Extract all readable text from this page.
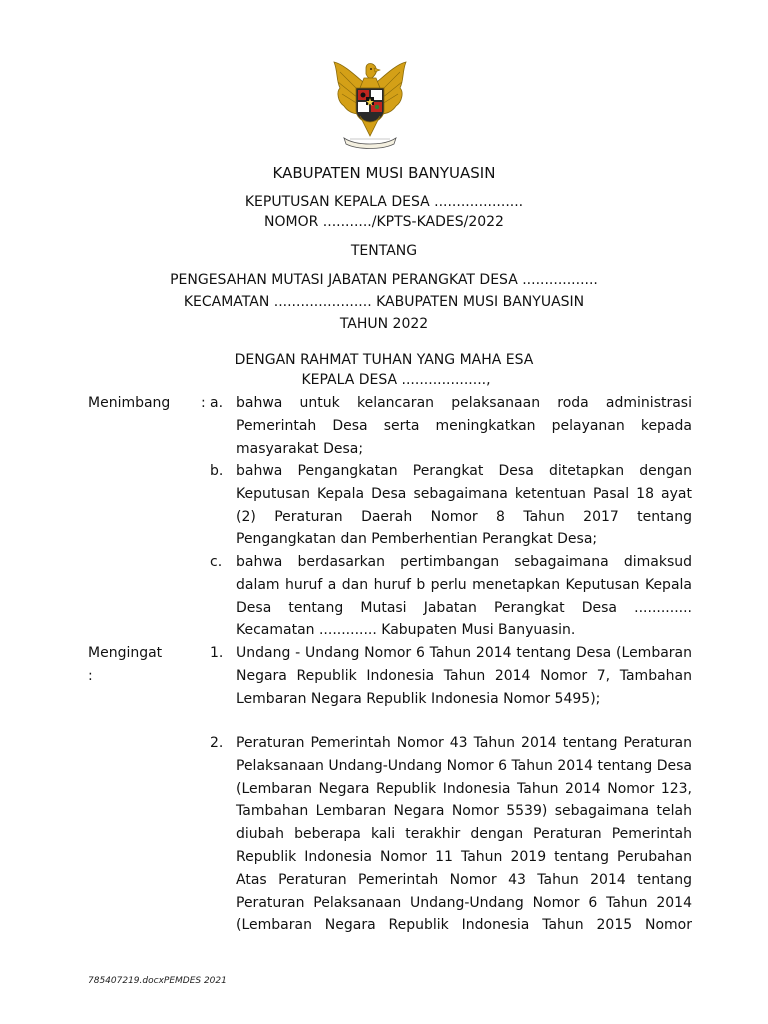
KABUPATEN MUSI BANYUASIN
KEPUTUSAN KEPALA DESA ....................
NOMOR .........../KPTS-KADES/2022
TENTANG
PENGESAHAN MUTASI JABATAN PERANGKAT DESA .................
KECAMATAN ...................... KABUPATEN MUSI BANYUASIN
TAHUN 2022
DENGAN RAHMAT TUHAN YANG MAHA ESA
KEPALA DESA ...................,
Menimbang : a. bahwa untuk kelancaran pelaksanaan roda administrasi Pemerintah Desa serta meningkatkan pelayanan kepada masyarakat Desa;
b. bahwa Pengangkatan Perangkat Desa ditetapkan dengan Keputusan Kepala Desa sebagaimana ketentuan Pasal 18 ayat (2) Peraturan Daerah Nomor 8 Tahun 2017 tentang Pengangkatan dan Pemberhentian Perangkat Desa;
c. bahwa berdasarkan pertimbangan sebagaimana dimaksud dalam huruf a dan huruf b perlu menetapkan Keputusan Kepala Desa tentang Mutasi Jabatan Perangkat Desa ............. Kecamatan ............. Kabupaten Musi Banyuasin.
Mengingat
:
1. Undang - Undang Nomor 6 Tahun 2014 tentang Desa (Lembaran Negara Republik Indonesia Tahun 2014 Nomor 7, Tambahan Lembaran Negara Republik Indonesia Nomor 5495);
2. Peraturan Pemerintah Nomor 43 Tahun 2014 tentang Peraturan Pelaksanaan Undang-Undang Nomor 6 Tahun 2014 tentang Desa (Lembaran Negara Republik Indonesia Tahun 2014 Nomor 123, Tambahan Lembaran Negara Nomor 5539) sebagaimana telah diubah beberapa kali terakhir dengan Peraturan Pemerintah Republik Indonesia Nomor 11 Tahun 2019 tentang Perubahan Atas Peraturan Pemerintah Nomor 43 Tahun 2014 tentang Peraturan Pelaksanaan Undang-Undang Nomor 6 Tahun 2014 (Lembaran Negara Republik Indonesia Tahun 2015 Nomor
785407219.docxPEMDES 2021
